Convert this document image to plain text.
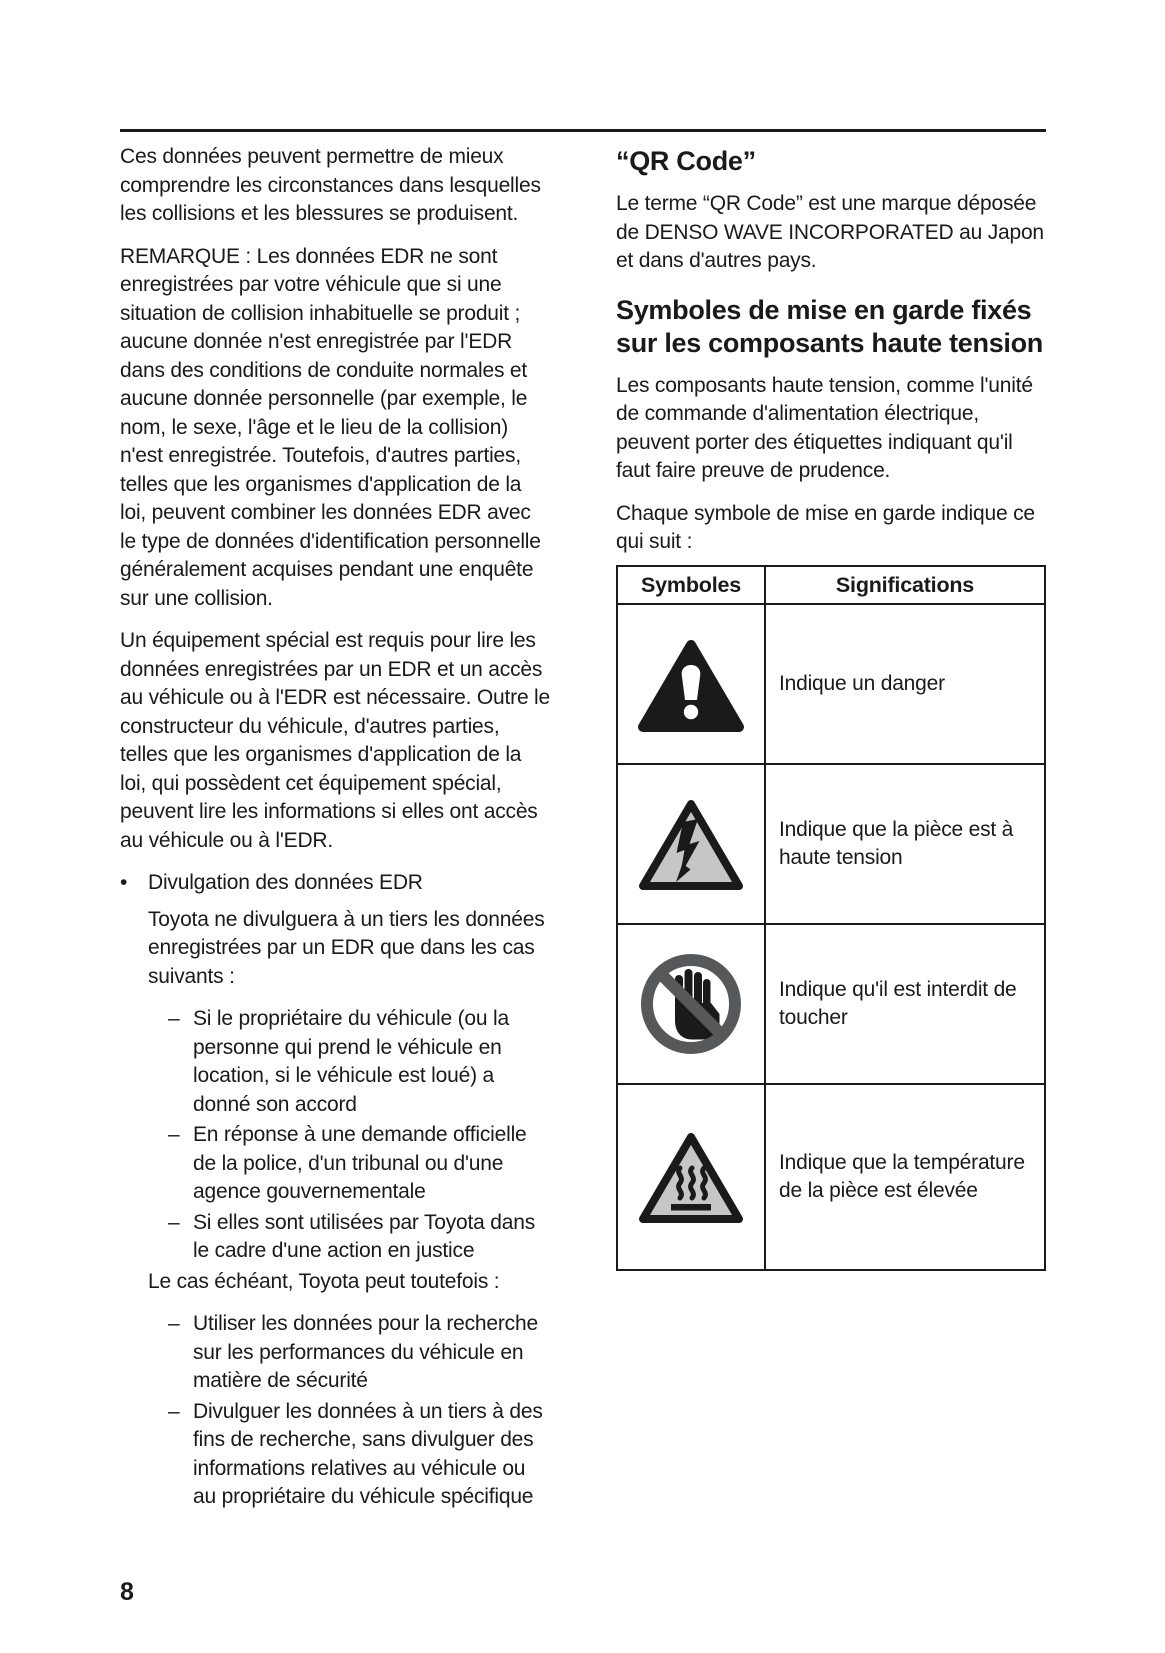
Ces données peuvent permettre de mieux comprendre les circonstances dans lesquelles les collisions et les blessures se produisent.

REMARQUE : Les données EDR ne sont enregistrées par votre véhicule que si une situation de collision inhabituelle se produit ; aucune donnée n'est enregistrée par l'EDR dans des conditions de conduite normales et aucune donnée personnelle (par exemple, le nom, le sexe, l'âge et le lieu de la collision) n'est enregistrée. Toutefois, d'autres parties, telles que les organismes d'application de la loi, peuvent combiner les données EDR avec le type de données d'identification personnelle généralement acquises pendant une enquête sur une collision.

Un équipement spécial est requis pour lire les données enregistrées par un EDR et un accès au véhicule ou à l'EDR est nécessaire. Outre le constructeur du véhicule, d'autres parties, telles que les organismes d'application de la loi, qui possèdent cet équipement spécial, peuvent lire les informations si elles ont accès au véhicule ou à l'EDR.

• Divulgation des données EDR

Toyota ne divulguera à un tiers les données enregistrées par un EDR que dans les cas suivants :

– Si le propriétaire du véhicule (ou la personne qui prend le véhicule en location, si le véhicule est loué) a donné son accord
– En réponse à une demande officielle de la police, d'un tribunal ou d'une agence gouvernementale
– Si elles sont utilisées par Toyota dans le cadre d'une action en justice

Le cas échéant, Toyota peut toutefois :

– Utiliser les données pour la recherche sur les performances du véhicule en matière de sécurité
– Divulguer les données à un tiers à des fins de recherche, sans divulguer des informations relatives au véhicule ou au propriétaire du véhicule spécifique
“QR Code”

Le terme “QR Code” est une marque déposée de DENSO WAVE INCORPORATED au Japon et dans d'autres pays.

Symboles de mise en garde fixés sur les composants haute tension

Les composants haute tension, comme l'unité de commande d'alimentation électrique, peuvent porter des étiquettes indiquant qu'il faut faire preuve de prudence.

Chaque symbole de mise en garde indique ce qui suit :

Symboles	Significations

	Indique un danger

	Indique que la pièce est à haute tension

	Indique qu'il est interdit de toucher

	Indique que la température de la pièce est élevée
8
